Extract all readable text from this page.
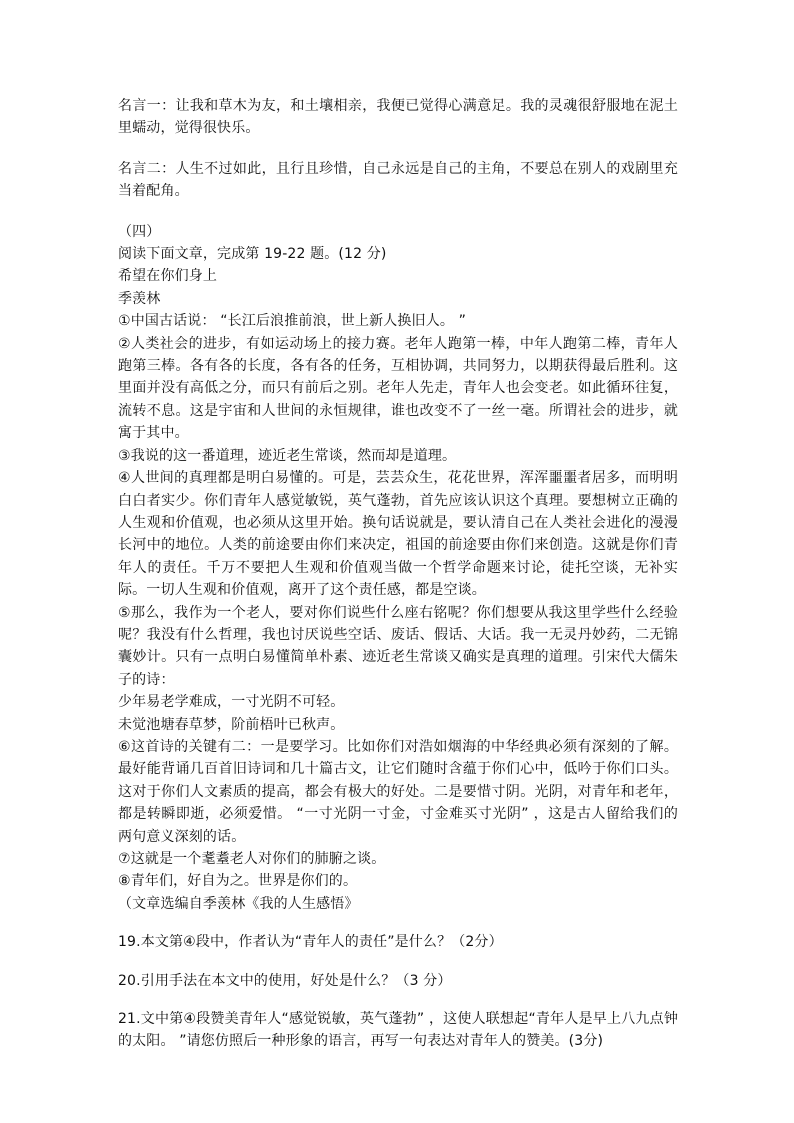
名言一：让我和草木为友，和土壤相亲，我便已觉得心满意足。我的灵魂很舒服地在泥土里蠕动，觉得很快乐。

名言二：人生不过如此，且行且珍惜，自己永远是自己的主角，不要总在别人的戏剧里充当着配角。

（四）

阅读下面文章，完成第 19-22 题。(12 分)

希望在你们身上

季羡林

①中国古话说： “长江后浪推前浪，世上新人换旧人。 ”

②人类社会的进步，有如运动场上的接力赛。老年人跑第一棒，中年人跑第二棒，青年人跑第三棒。各有各的长度，各有各的任务，互相协调，共同努力，以期获得最后胜利。这里面并没有高低之分，而只有前后之别。老年人先走，青年人也会变老。如此循环往复，流转不息。这是宇宙和人世间的永恒规律，谁也改变不了一丝一毫。所谓社会的进步，就寓于其中。

③我说的这一番道理，迹近老生常谈，然而却是道理。

④人世间的真理都是明白易懂的。可是，芸芸众生，花花世界，浑浑噩噩者居多，而明明白白者实少。你们青年人感觉敏锐，英气蓬勃，首先应该认识这个真理。要想树立正确的人生观和价值观，也必须从这里开始。换句话说就是，要认清自己在人类社会进化的漫漫长河中的地位。人类的前途要由你们来决定，祖国的前途要由你们来创造。这就是你们青年人的责任。千万不要把人生观和价值观当做一个哲学命题来讨论，徒托空谈，无补实际。一切人生观和价值观，离开了这个责任感，都是空谈。

⑤那么，我作为一个老人，要对你们说些什么座右铭呢？你们想要从我这里学些什么经验呢？我没有什么哲理，我也讨厌说些空话、废话、假话、大话。我一无灵丹妙药，二无锦囊妙计。只有一点明白易懂简单朴素、迹近老生常谈又确实是真理的道理。引宋代大儒朱子的诗：

少年易老学难成，一寸光阴不可轻。

未觉池塘春草梦，阶前梧叶已秋声。

⑥这首诗的关键有二：一是要学习。比如你们对浩如烟海的中华经典必须有深刻的了解。最好能背诵几百首旧诗词和几十篇古文，让它们随时含蕴于你们心中，低吟于你们口头。这对于你们人文素质的提高，都会有极大的好处。二是要惜寸阴。光阴，对青年和老年，都是转瞬即逝，必须爱惜。 “一寸光阴一寸金，寸金难买寸光阴” ，这是古人留给我们的两句意义深刻的话。

⑦这就是一个耄耋老人对你们的肺腑之谈。

⑧青年们，好自为之。世界是你们的。

（文章选编自季羡林《我的人生感悟》

19.本文第④段中，作者认为“青年人的责任”是什么？（2分）

20.引用手法在本文中的使用，好处是什么？（3 分）

21.文中第④段赞美青年人“感觉锐敏，英气蓬勃” ，这使人联想起“青年人是早上八九点钟的太阳。 ”请您仿照后一种形象的语言，再写一句表达对青年人的赞美。(3分)
